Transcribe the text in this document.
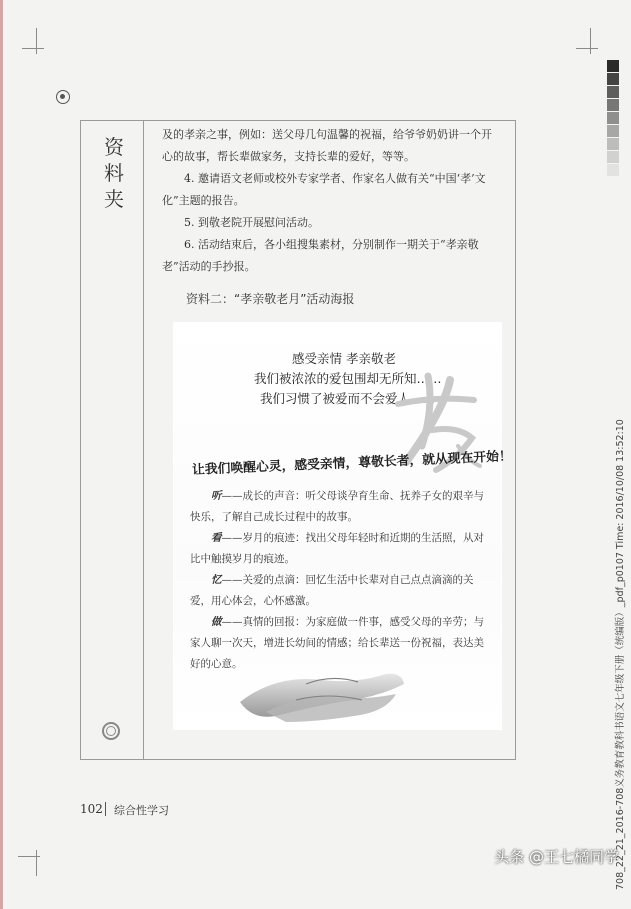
资料夹

及的孝亲之事，例如：送父母几句温馨的祝福，给爷爷奶奶讲一个开心的故事，帮长辈做家务，支持长辈的爱好，等等。

4. 邀请语文老师或校外专家学者、作家名人做有关“中国‘孝’文化”主题的报告。

5. 到敬老院开展慰问活动。

6. 活动结束后，各小组搜集素材，分别制作一期关于“孝亲敬老”活动的手抄报。

资料二：“孝亲敬老月”活动海报
感受亲情 孝亲敬老
我们被浓浓的爱包围却无所知……
我们习惯了被爱而不会爱人……
让我们唤醒心灵，感受亲情，尊敬长者，就从现在开始！

听——成长的声音：听父母谈孕育生命、抚养子女的艰辛与快乐，了解自己成长过程中的故事。

看——岁月的痕迹：找出父母年轻时和近期的生活照，从对比中触摸岁月的痕迹。

忆——关爱的点滴：回忆生活中长辈对自己点点滴滴的关爱，用心体会，心怀感激。

做——真情的回报：为家庭做一件事，感受父母的辛劳；与家人聊一次天，增进长幼间的情感；给长辈送一份祝福，表达美好的心意。

102 综合性学习	708_22_21_2016-708义务教育教科书语文七年级下册（统编版）_pdf_p0107 Time: 2016/10/08 13:52:10
头条 @王七橘同学
